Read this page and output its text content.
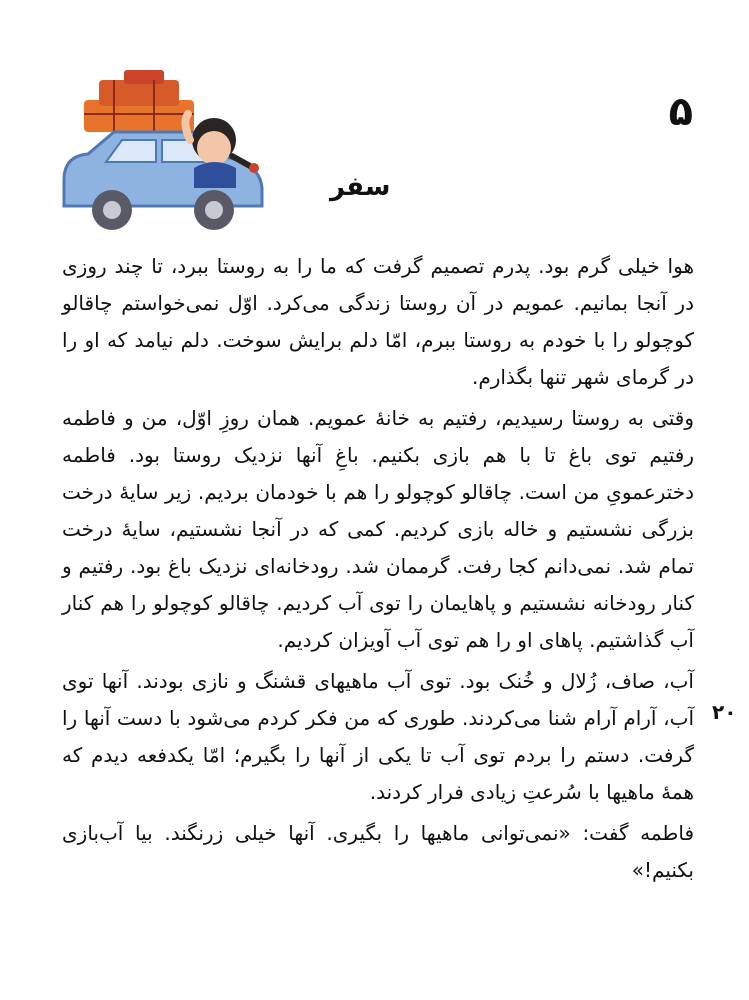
۵
سفر

هوا خیلی گرم بود. پدرم تصمیم گرفت که ما را به روستا ببرد، تا چند روزی در آنجا بمانیم. عمویم در آن روستا زندگی می‌کرد. اوّل نمی‌خواستم چاقالو کوچولو را با خودم به روستا ببرم، امّا دلم برایش سوخت. دلم نیامد که او را در گرمای شهر تنها بگذارم.

وقتی به روستا رسیدیم، رفتیم به خانهٔ عمویم. همان روزِ اوّل، من و فاطمه رفتیم توی باغ تا با هم بازی بکنیم. باغِ آنها نزدیک روستا بود. فاطمه دخترعمویِ من است. چاقالو کوچولو را هم با خودمان بردیم. زیر سایهٔ درخت بزرگی نشستیم و خاله بازی کردیم. کمی که در آنجا نشستیم، سایهٔ درخت تمام شد. نمی‌دانم کجا رفت. گرممان شد. رودخانه‌ای نزدیک باغ بود. رفتیم و کنار رودخانه نشستیم و پاهایمان را توی آب کردیم. چاقالو کوچولو را هم کنار آب گذاشتیم. پاهای او را هم توی آب آویزان کردیم.

آب، صاف، زُلال و خُنک بود. توی آب ماهیهای قشنگ و نازی بودند. آنها توی آب، آرام آرام شنا می‌کردند. طوری که من فکر کردم می‌شود با دست آنها را گرفت. دستم را بردم توی آب تا یکی از آنها را بگیرم؛ امّا یکدفعه دیدم که همهٔ ماهیها با سُرعتِ زیادی فرار کردند.

فاطمه گفت: «نمی‌توانی ماهیها را بگیری. آنها خیلی زرنگند. بیا آب‌بازی بکنیم!»

۲۰
